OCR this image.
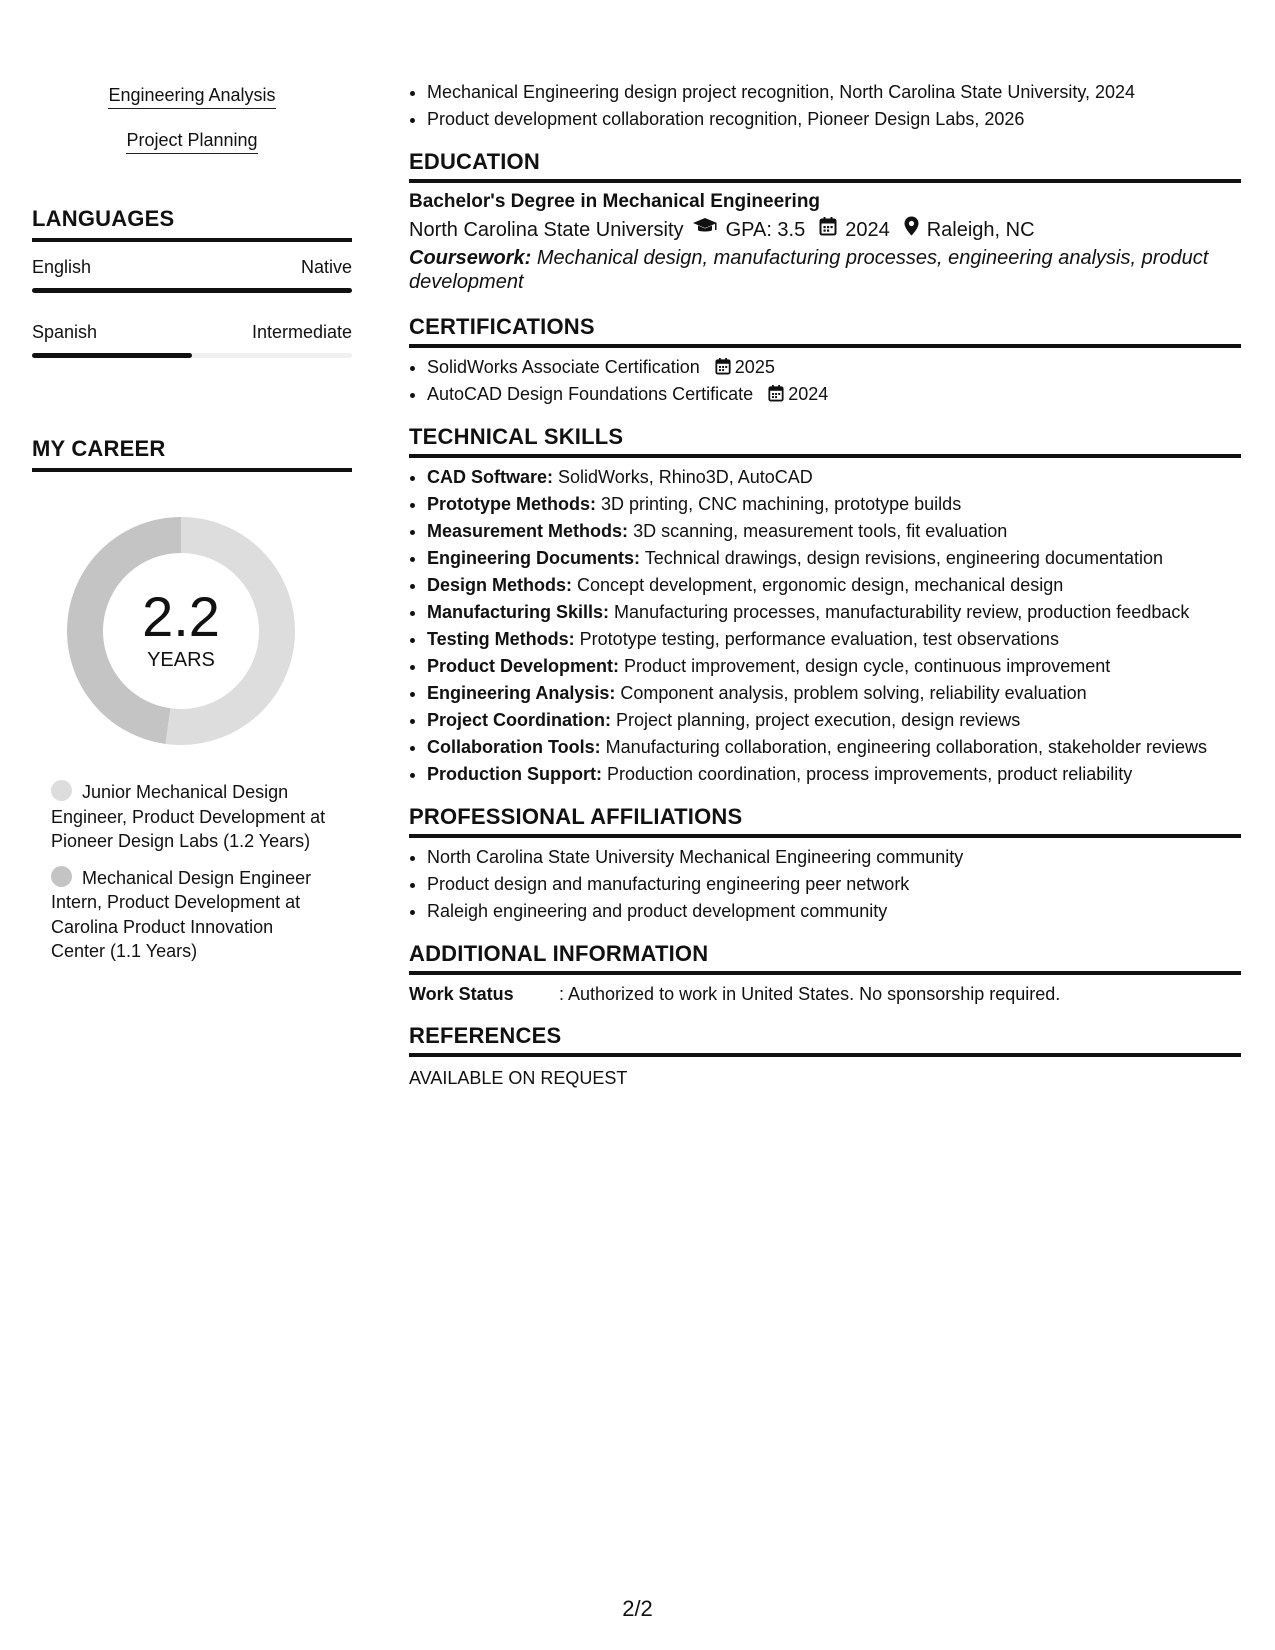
Engineering Analysis
Project Planning
LANGUAGES
English	Native
Spanish	Intermediate
MY CAREER
2.2
YEARS
Junior Mechanical Design Engineer, Product Development at Pioneer Design Labs (1.2 Years)
Mechanical Design Engineer Intern, Product Development at Carolina Product Innovation Center (1.1 Years)
• Mechanical Engineering design project recognition, North Carolina State University, 2024
• Product development collaboration recognition, Pioneer Design Labs, 2026
EDUCATION
Bachelor's Degree in Mechanical Engineering
North Carolina State University GPA: 3.5 2024 Raleigh, NC
Coursework: Mechanical design, manufacturing processes, engineering analysis, product development
CERTIFICATIONS
• SolidWorks Associate Certification 2025
• AutoCAD Design Foundations Certificate 2024
TECHNICAL SKILLS
• CAD Software: SolidWorks, Rhino3D, AutoCAD
• Prototype Methods: 3D printing, CNC machining, prototype builds
• Measurement Methods: 3D scanning, measurement tools, fit evaluation
• Engineering Documents: Technical drawings, design revisions, engineering documentation
• Design Methods: Concept development, ergonomic design, mechanical design
• Manufacturing Skills: Manufacturing processes, manufacturability review, production feedback
• Testing Methods: Prototype testing, performance evaluation, test observations
• Product Development: Product improvement, design cycle, continuous improvement
• Engineering Analysis: Component analysis, problem solving, reliability evaluation
• Project Coordination: Project planning, project execution, design reviews
• Collaboration Tools: Manufacturing collaboration, engineering collaboration, stakeholder reviews
• Production Support: Production coordination, process improvements, product reliability
PROFESSIONAL AFFILIATIONS
• North Carolina State University Mechanical Engineering community
• Product design and manufacturing engineering peer network
• Raleigh engineering and product development community
ADDITIONAL INFORMATION
Work Status	: Authorized to work in United States. No sponsorship required.
REFERENCES
AVAILABLE ON REQUEST
2/2
